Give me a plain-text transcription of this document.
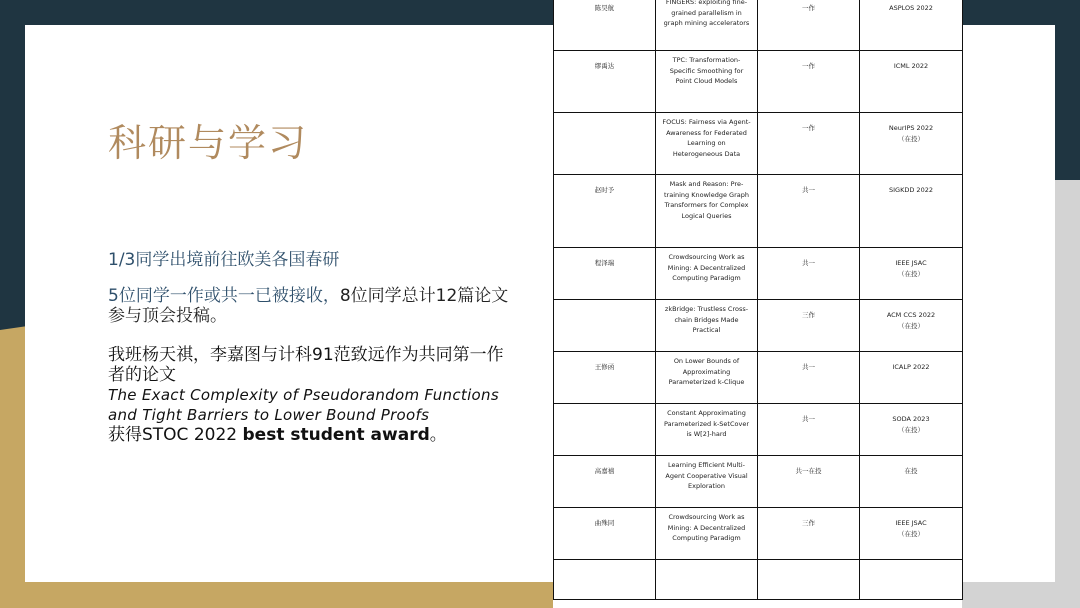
科研与学习
1/3同学出境前往欧美各国春研
5位同学一作或共一已被接收，8位同学总计12篇论文参与顶会投稿。
我班杨天祺，李嘉图与计科91范致远作为共同第一作者的论文
The Exact Complexity of Pseudorandom Functions and Tight Barriers to Lower Bound Proofs
获得STOC 2022 best student award。
陈昊航	FINGERS: exploiting fine-grained parallelism in graph mining accelerators	一作	ASPLOS 2022

缪禹达	TPC: Transformation-Specific Smoothing for Point Cloud Models	一作	ICML 2022

	FOCUS: Fairness via Agent-Awareness for Federated Learning on Heterogeneous Data	一作	NeurIPS 2022
（在投）
赵时予	Mask and Reason: Pre-training Knowledge Graph Transformers for Complex Logical Queries	共一	SIGKDD 2022

程泽瑞	Crowdsourcing Work as Mining: A Decentralized Computing Paradigm	共一	IEEE JSAC
（在投）
	zkBridge: Trustless Cross-chain Bridges Made Practical	三作	ACM CCS 2022
（在投）
王修函	On Lower Bounds of Approximating Parameterized k-Clique	共一	ICALP 2022

	Constant Approximating Parameterized k-SetCover is W[2]-hard	共一	SODA 2023
（在投）
高嘉禧	Learning Efficient Multi-Agent Cooperative Visual Exploration	共一在投	在投

曲殊同	Crowdsourcing Work as Mining: A Decentralized Computing Paradigm	三作	IEEE JSAC
（在投）
